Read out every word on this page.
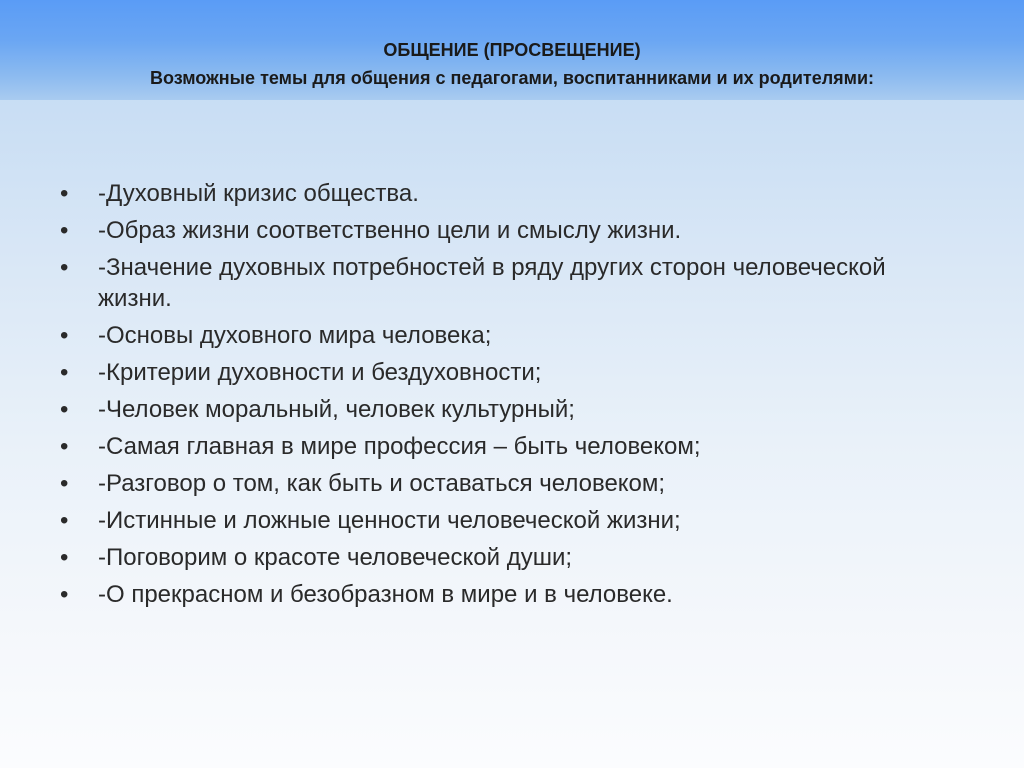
ОБЩЕНИЕ (ПРОСВЕЩЕНИЕ)
Возможные темы для общения с педагогами, воспитанниками и их родителями:
• -Духовный кризис общества.
• -Образ жизни соответственно цели и смыслу жизни.
• -Значение духовных потребностей в ряду других сторон человеческой жизни.
• -Основы духовного мира человека;
• -Критерии духовности и бездуховности;
• -Человек моральный, человек культурный;
• -Самая главная в мире профессия – быть человеком;
• -Разговор о том, как быть и оставаться человеком;
• -Истинные и ложные ценности человеческой жизни;
• -Поговорим о красоте человеческой души;
• -О прекрасном и безобразном в мире и в человеке.
